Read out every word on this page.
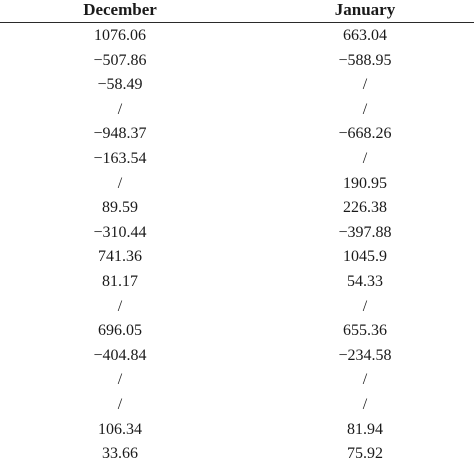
December	January
1076.06	663.04
−507.86	−588.95
−58.49	/
/	/
−948.37	−668.26
−163.54	/
/	190.95
89.59	226.38
−310.44	−397.88
741.36	1045.9
81.17	54.33
/	/
696.05	655.36
−404.84	−234.58
/	/
/	/
106.34	81.94
33.66	75.92
